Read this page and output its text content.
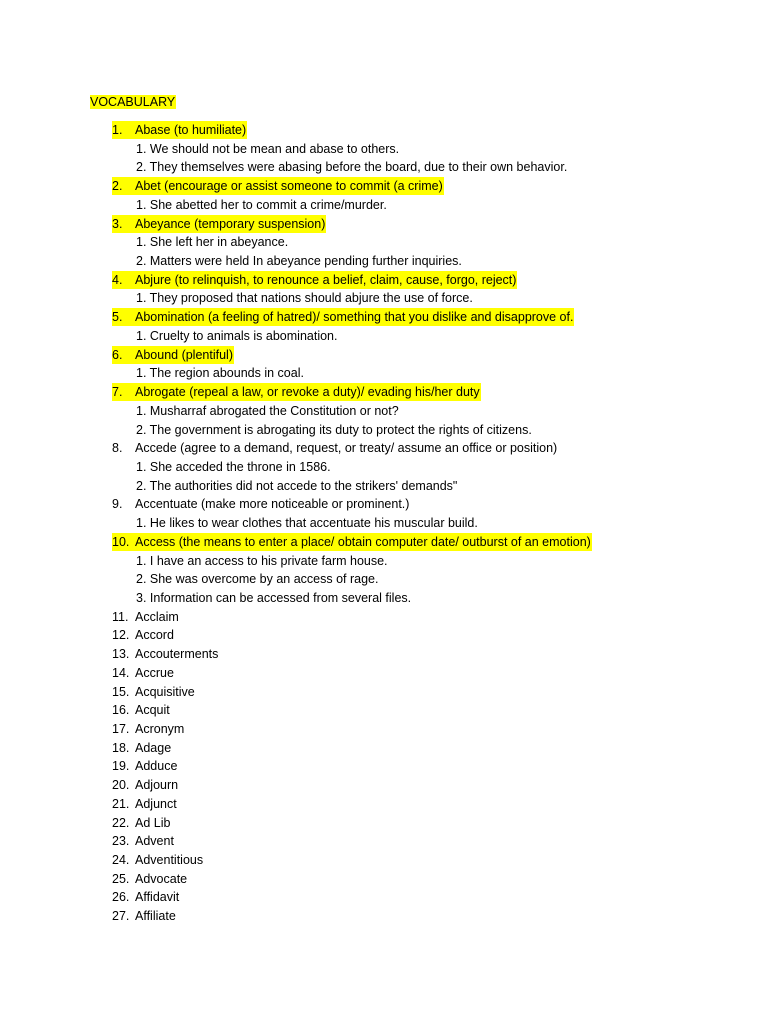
VOCABULARY
1. Abase (to humiliate)
1. We should not be mean and abase to others.
2. They themselves were abasing before the board, due to their own behavior.
2. Abet (encourage or assist someone to commit (a crime)
1. She abetted her to commit a crime/murder.
3. Abeyance (temporary suspension)
1. She left her in abeyance.
2. Matters were held In abeyance pending further inquiries.
4. Abjure (to relinquish, to renounce a belief, claim, cause, forgo, reject)
1. They proposed that nations should abjure the use of force.
5. Abomination (a feeling of hatred)/ something that you dislike and disapprove of.
1. Cruelty to animals is abomination.
6. Abound (plentiful)
1. The region abounds in coal.
7. Abrogate (repeal a law, or revoke a duty)/ evading his/her duty
1. Musharraf abrogated the Constitution or not?
2. The government is abrogating its duty to protect the rights of citizens.
8. Accede (agree to a demand, request, or treaty/ assume an office or position)
1. She acceded the throne in 1586.
2. The authorities did not accede to the strikers' demands"
9. Accentuate (make more noticeable or prominent.)
1. He likes to wear clothes that accentuate his muscular build.
10. Access (the means to enter a place/ obtain computer date/ outburst of an emotion)
1. I have an access to his private farm house.
2. She was overcome by an access of rage.
3. Information can be accessed from several files.
11. Acclaim
12. Accord
13. Accouterments
14. Accrue
15. Acquisitive
16. Acquit
17. Acronym
18. Adage
19. Adduce
20. Adjourn
21. Adjunct
22. Ad Lib
23. Advent
24. Adventitious
25. Advocate
26. Affidavit
27. Affiliate
